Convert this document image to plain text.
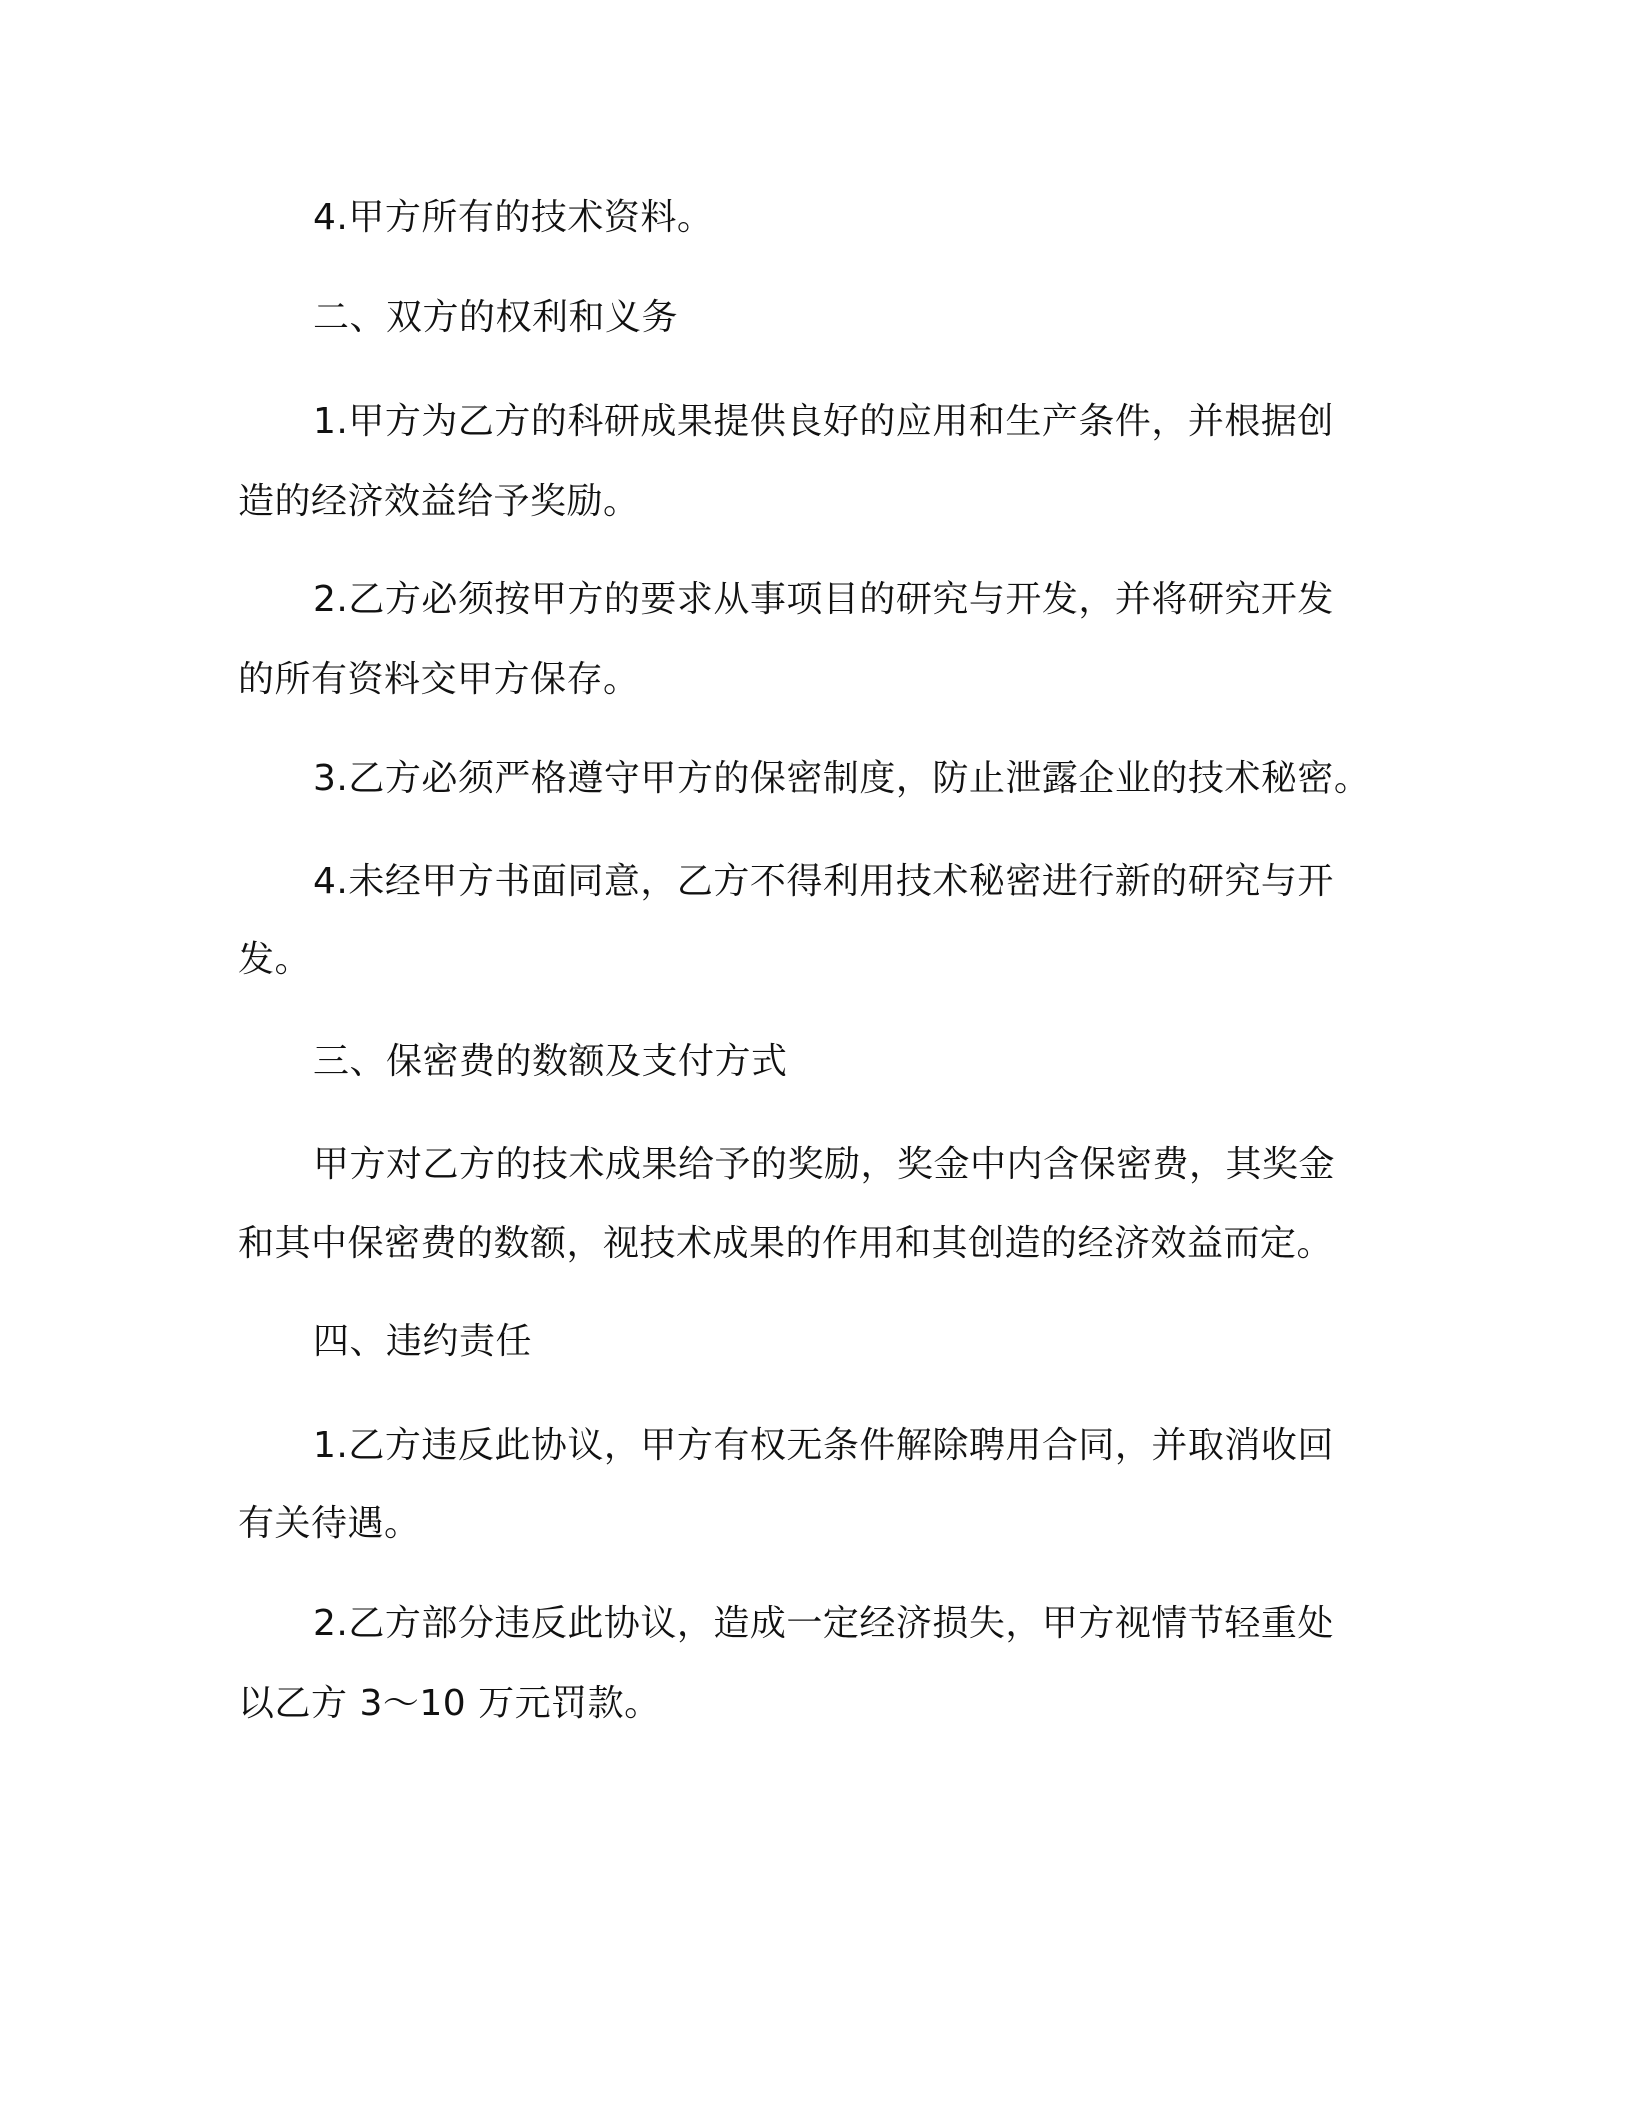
4.甲方所有的技术资料。
二、双方的权利和义务
1.甲方为乙方的科研成果提供良好的应用和生产条件，并根据创
造的经济效益给予奖励。
2.乙方必须按甲方的要求从事项目的研究与开发，并将研究开发
的所有资料交甲方保存。
3.乙方必须严格遵守甲方的保密制度，防止泄露企业的技术秘密。
4.未经甲方书面同意，乙方不得利用技术秘密进行新的研究与开
发。
三、保密费的数额及支付方式
甲方对乙方的技术成果给予的奖励，奖金中内含保密费，其奖金
和其中保密费的数额，视技术成果的作用和其创造的经济效益而定。
四、违约责任
1.乙方违反此协议，甲方有权无条件解除聘用合同，并取消收回
有关待遇。
2.乙方部分违反此协议，造成一定经济损失，甲方视情节轻重处
以乙方 3～10 万元罚款。
